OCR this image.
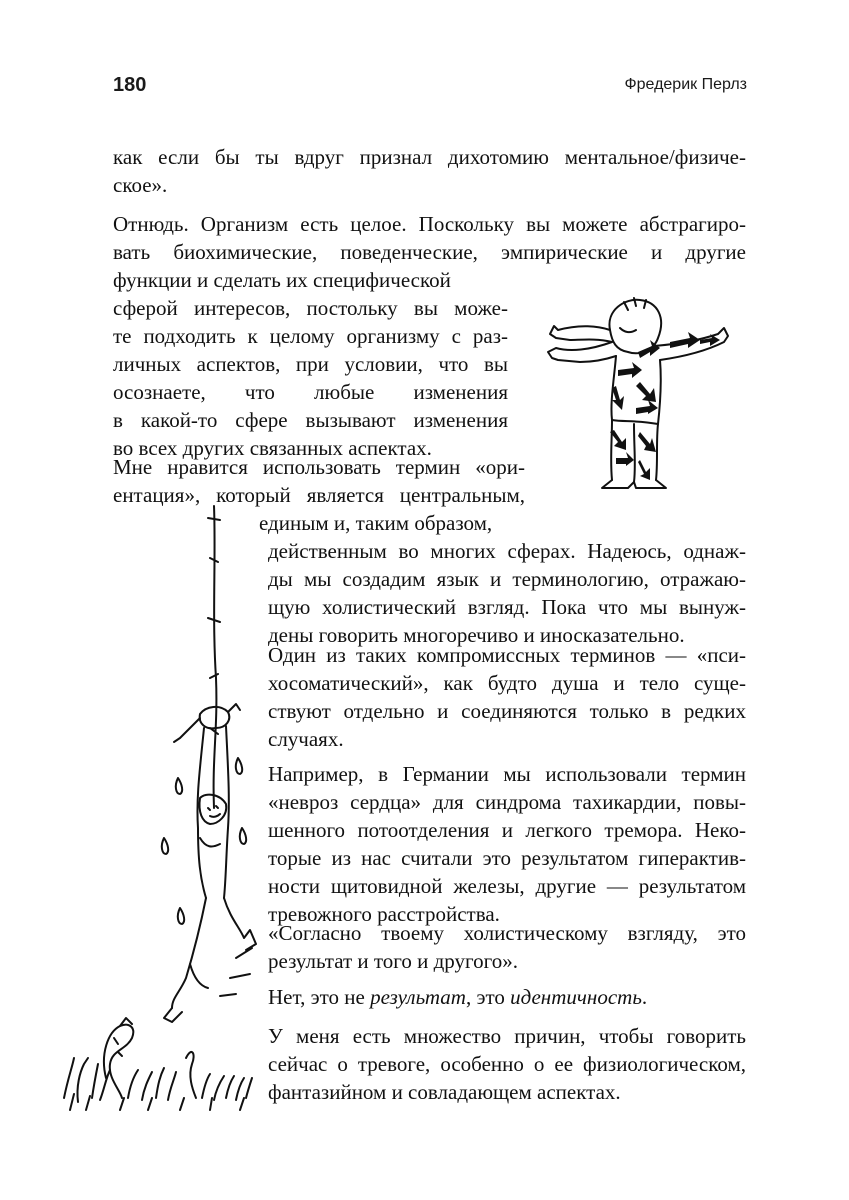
180	Фредерик Перлз
как если бы ты вдруг признал дихотомию ментальное/физиче-
ское».
Отнюдь. Организм есть целое. Поскольку вы можете абстрагиро-
вать биохимические, поведенческие, эмпирические и другие
функции и сделать их специфической
сферой интересов, постольку вы може-
те подходить к целому организму с раз-
личных аспектов, при условии, что вы
осознаете, что любые изменения
в какой-то сфере вызывают изменения
во всех других связанных аспектах.
Мне нравится использовать термин «ори-
ентация», который является центральным,
единым и, таким образом,
действенным во многих сферах. Надеюсь, однаж-
ды мы создадим язык и терминологию, отражаю-
щую холистический взгляд. Пока что мы вынуж-
дены говорить многоречиво и иносказательно.
Один из таких компромиссных терминов — «пси-
хосоматический», как будто душа и тело суще-
ствуют отдельно и соединяются только в редких
случаях.
Например, в Германии мы использовали термин
«невроз сердца» для синдрома тахикардии, повы-
шенного потоотделения и легкого тремора. Неко-
торые из нас считали это результатом гиперактив-
ности щитовидной железы, другие — результатом
тревожного расстройства.
«Согласно твоему холистическому взгляду, это
результат и того и другого».
Нет, это не результат, это идентичность.
У меня есть множество причин, чтобы говорить
сейчас о тревоге, особенно о ее физиологическом,
фантазийном и совладающем аспектах.
